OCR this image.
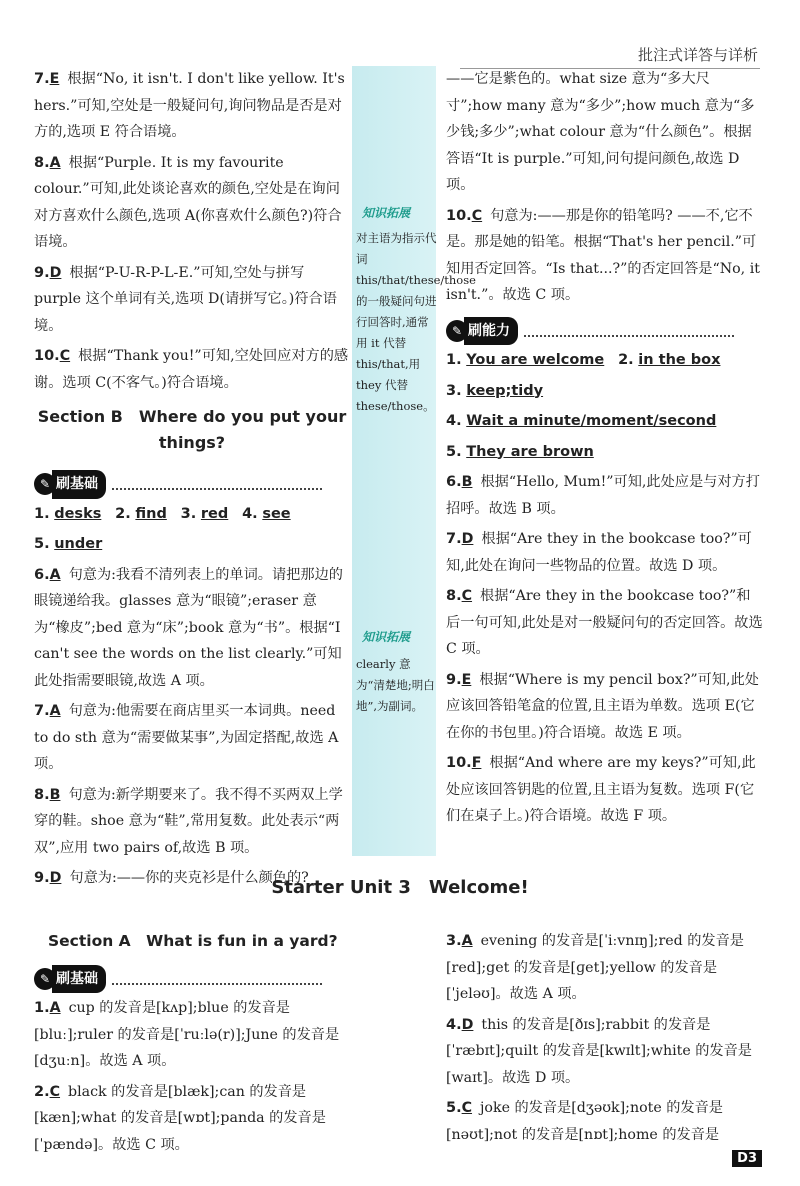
批注式详答与详析
知识拓展
对主语为指示代词 this/that/these/those 的一般疑问句进行回答时,通常用 it 代替 this/that,用 they 代替 these/those。
知识拓展
clearly 意为“清楚地;明白地”,为副词。
7.E 根据“No, it isn't. I don't like yellow. It's hers.”可知,空处是一般疑问句,询问物品是否是对方的,选项 E 符合语境。
8.A 根据“Purple. It is my favourite colour.”可知,此处谈论喜欢的颜色,空处是在询问对方喜欢什么颜色,选项 A(你喜欢什么颜色?)符合语境。
9.D 根据“P-U-R-P-L-E.”可知,空处与拼写 purple 这个单词有关,选项 D(请拼写它。)符合语境。
10.C 根据“Thank you!”可知,空处回应对方的感谢。选项 C(不客气。)符合语境。
Section B　Where do you put your things?
✎ 刷基础
1. desks 2. find 3. red 4. see
5. under
6.A 句意为:我看不清列表上的单词。请把那边的眼镜递给我。glasses 意为“眼镜”;eraser 意为“橡皮”;bed 意为“床”;book 意为“书”。根据“I can't see the words on the list clearly.”可知此处指需要眼镜,故选 A 项。
7.A 句意为:他需要在商店里买一本词典。need to do sth 意为“需要做某事”,为固定搭配,故选 A 项。
8.B 句意为:新学期要来了。我不得不买两双上学穿的鞋。shoe 意为“鞋”,常用复数。此处表示“两双”,应用 two pairs of,故选 B 项。
9.D 句意为:——你的夹克衫是什么颜色的?
——它是紫色的。what size 意为“多大尺寸”;how many 意为“多少”;how much 意为“多少钱;多少”;what colour 意为“什么颜色”。根据答语“It is purple.”可知,问句提问颜色,故选 D 项。
10.C 句意为:——那是你的铅笔吗? ——不,它不是。那是她的铅笔。根据“That's her pencil.”可知用否定回答。“Is that...?”的否定回答是“No, it isn't.”。故选 C 项。
✎ 刷能力
1. You are welcome 2. in the box
3. keep;tidy
4. Wait a minute/moment/second
5. They are brown
6.B 根据“Hello, Mum!”可知,此处应是与对方打招呼。故选 B 项。
7.D 根据“Are they in the bookcase too?”可知,此处在询问一些物品的位置。故选 D 项。
8.C 根据“Are they in the bookcase too?”和后一句可知,此处是对一般疑问句的否定回答。故选 C 项。
9.E 根据“Where is my pencil box?”可知,此处应该回答铅笔盒的位置,且主语为单数。选项 E(它在你的书包里。)符合语境。故选 E 项。
10.F 根据“And where are my keys?”可知,此处应该回答钥匙的位置,且主语为复数。选项 F(它们在桌子上。)符合语境。故选 F 项。
Starter Unit 3　Welcome!
Section A　What is fun in a yard?
✎ 刷基础
1.A cup 的发音是[kʌp];blue 的发音是[bluː];ruler 的发音是[ˈruːlə(r)];June 的发音是[dʒuːn]。故选 A 项。
2.C black 的发音是[blæk];can 的发音是[kæn];what 的发音是[wɒt];panda 的发音是[ˈpændə]。故选 C 项。
3.A evening 的发音是[ˈiːvnɪŋ];red 的发音是[red];get 的发音是[ɡet];yellow 的发音是[ˈjeləʊ]。故选 A 项。
4.D this 的发音是[ðɪs];rabbit 的发音是[ˈræbɪt];quilt 的发音是[kwɪlt];white 的发音是[waɪt]。故选 D 项。
5.C joke 的发音是[dʒəʊk];note 的发音是[nəʊt];not 的发音是[nɒt];home 的发音是
D3
